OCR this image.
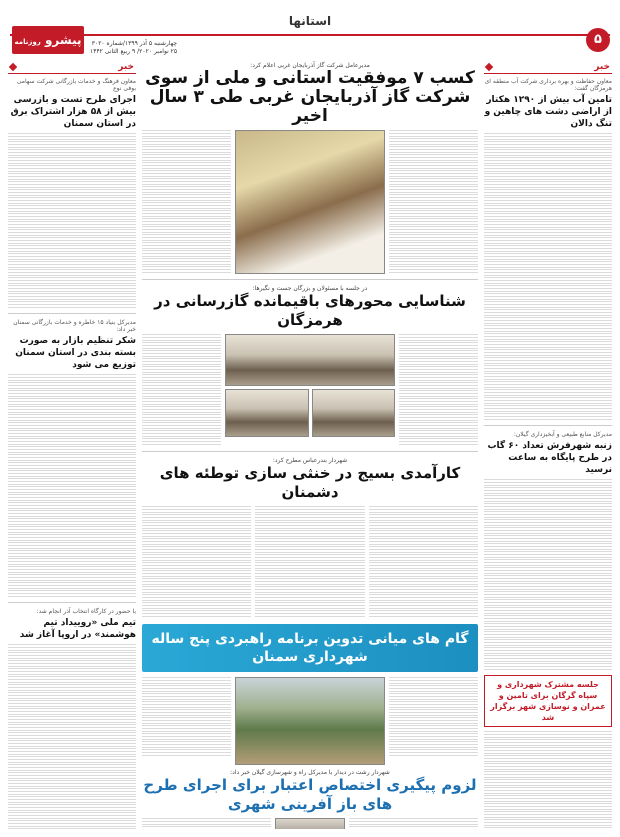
استانها
۵
پیشرو روزنامه	چهارشنبه ۵ آذر ۱۳۹۹/شماره ۳۰۲۰
۲۵ نوامبر ۲۰۲۰/ ۹ ربیع الثانی ۱۴۴۲
خبر
معاون حفاظت و بهره برداری شرکت آب منطقه ای هرمزگان گفت:
تامین آب بیش از ۱۲۹۰ هکتار از اراضی دشت های چاهین و تنگ دالان
مدیرکل منابع طبیعی و آبخیزداری گیلان:
زنبه شهرفرش تعداد ۶۰ گاب در طرح پایگاه به ساعت نرسید
جلسه مشترک شهرداری و سپاه گرگان برای تامین و عمران و نوسازی شهر برگزار شد
خبر
معاون فرهنگ و خدمات بازرگانی شرکت سهامی بوفی نوع
اجرای طرح تست و بازرسی بیش از ۵۸ هزار اشتراک برق در استان سمنان
مدیرکل بنیاد ۱۵ خاطره و خدمات بازرگانی سمنان خبر داد:
شکر تنظیم بازار به صورت بسته بندی در استان سمنان توزیع می شود
با حضور در کارگاه انتخاب آذر انجام شد:
تیم ملی «روییداد تیم هوشمند» در اروپا آغاز شد
مدیرعامل شرکت گاز آذربایجان غربی اعلام کرد:
کسب ۷ موفقیت استانی و ملی از سوی شرکت گاز آذربایجان غربی طی ۳ سال اخیر
در جلسه با مسئولان و بزرگان جست و نگیرها:
شناسایی محورهای باقیمانده گازرسانی در هرمزگان
شهردار بندرعباس مطرح کرد:
کارآمدی بسیج در خنثی سازی توطئه های دشمنان
گام های میانی تدوین برنامه راهبردی پنج ساله شهرداری سمنان
شهردار رشت در دیدار با مدیرکل راه و شهرسازی گیلان خبر داد:
لزوم پیگیری اختصاص اعتبار برای اجرای طرح های باز آفرینی شهری
